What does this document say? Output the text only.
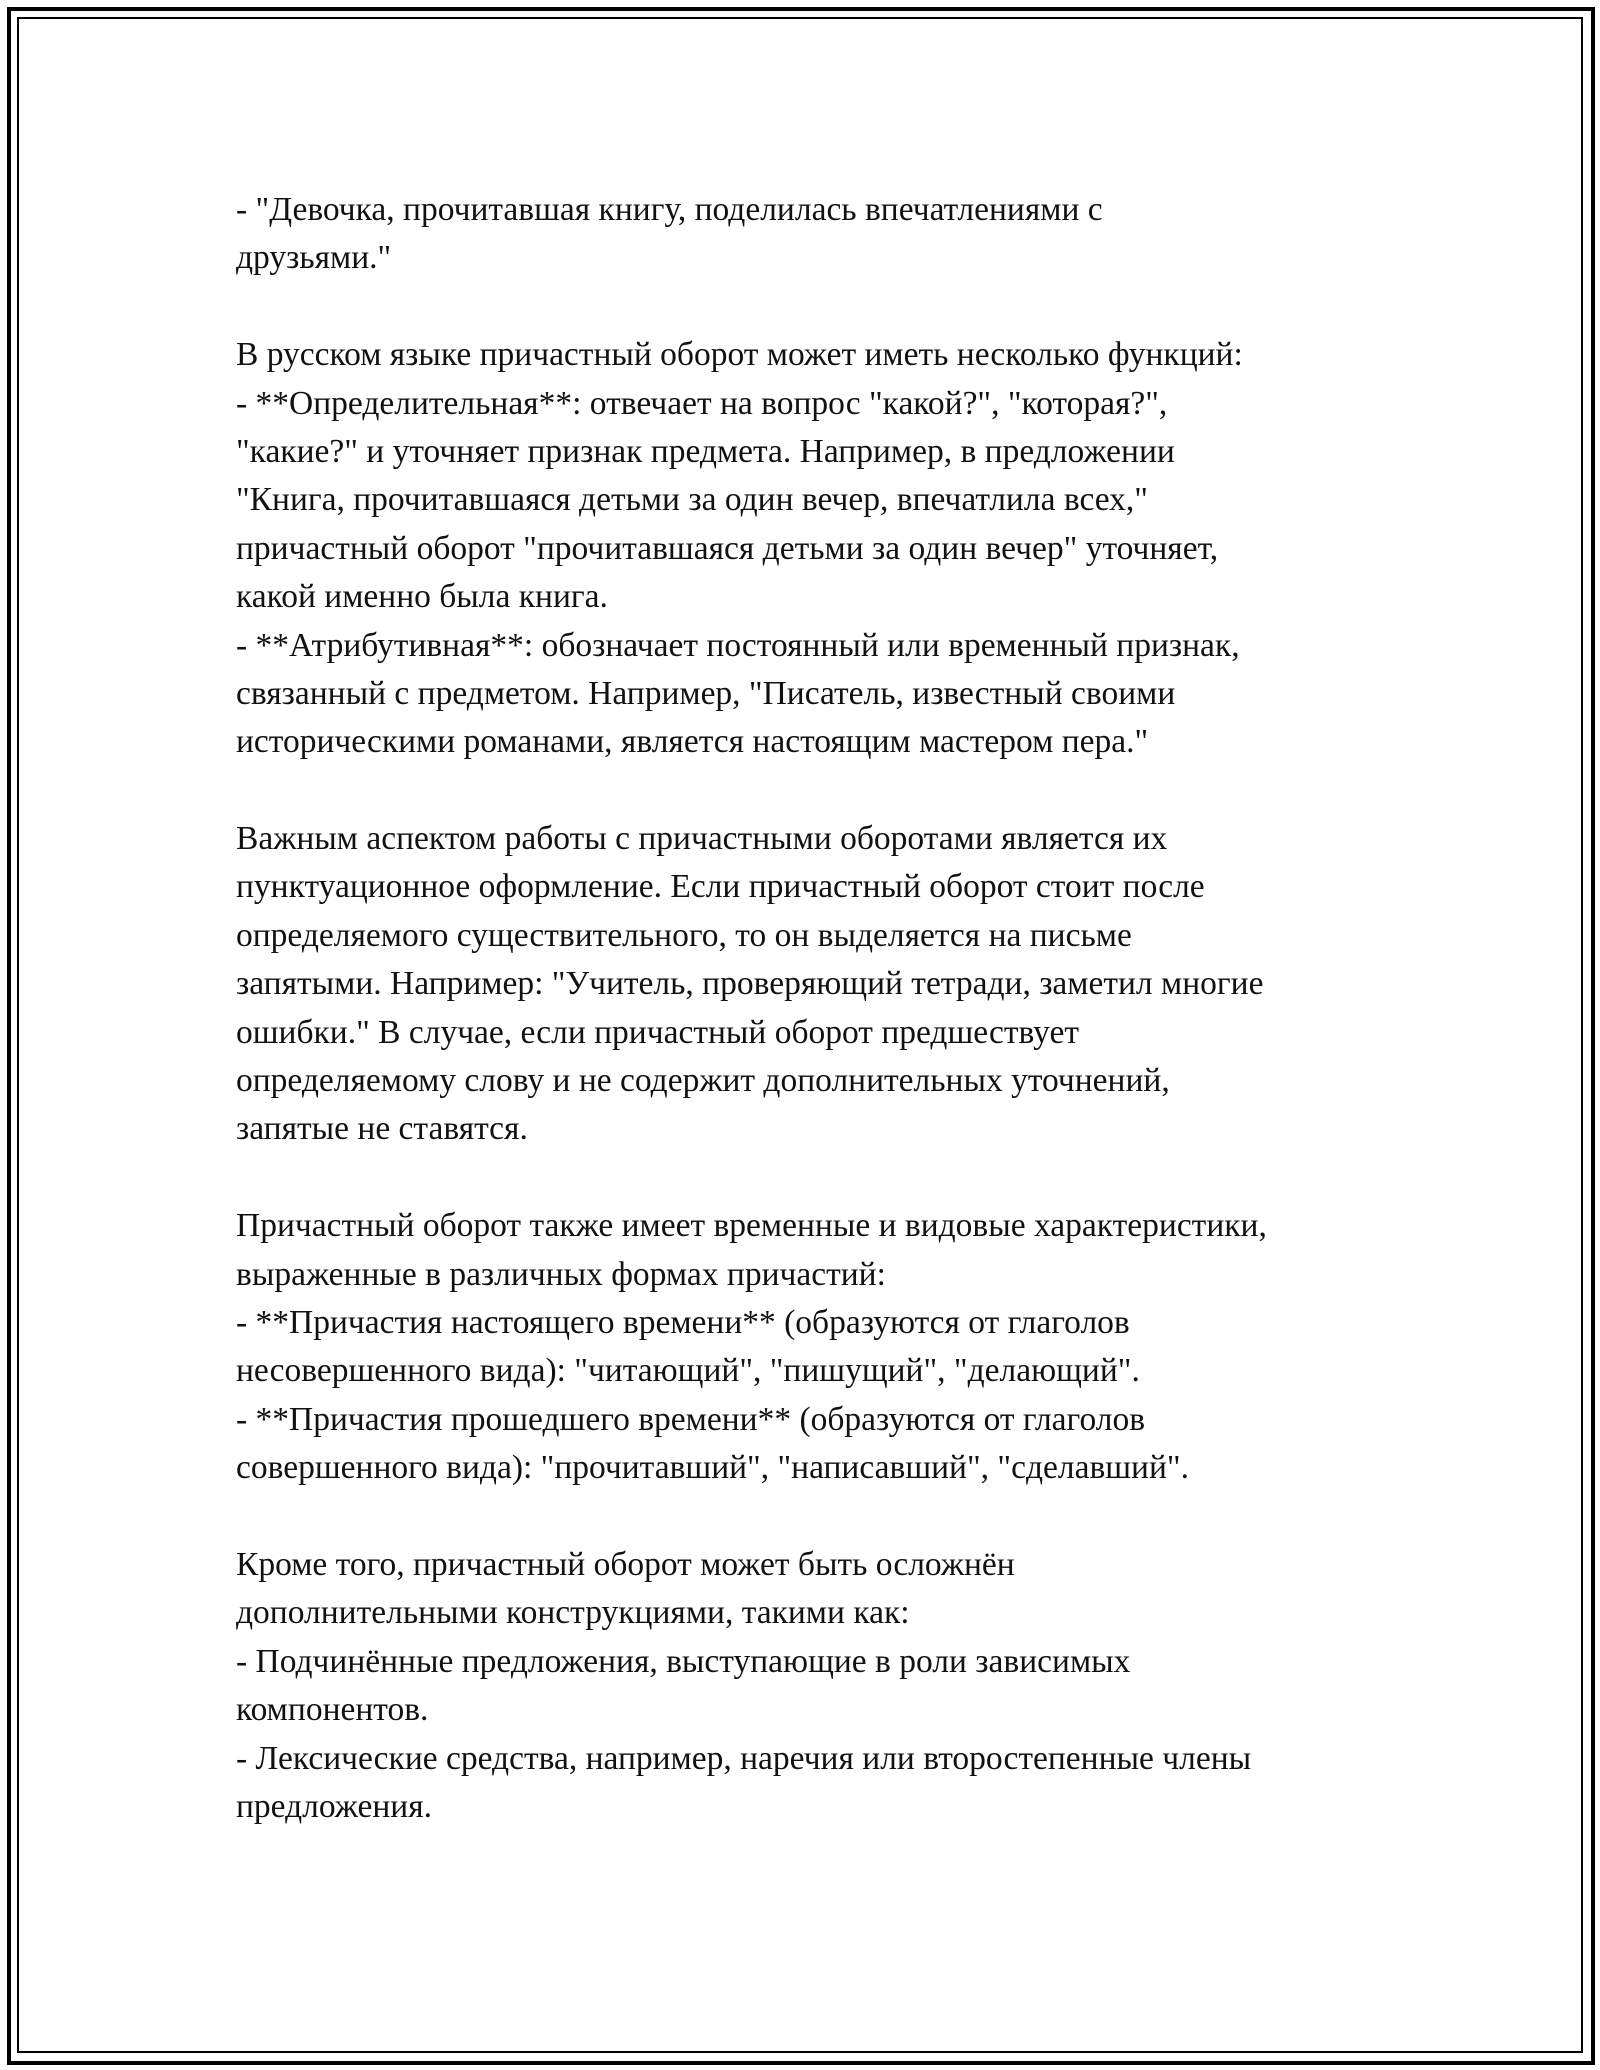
- "Девочка, прочитавшая книгу, поделилась впечатлениями с
друзьями."
В русском языке причастный оборот может иметь несколько функций:
- **Определительная**: отвечает на вопрос "какой?", "которая?",
"какие?" и уточняет признак предмета. Например, в предложении
"Книга, прочитавшаяся детьми за один вечер, впечатлила всех,"
причастный оборот "прочитавшаяся детьми за один вечер" уточняет,
какой именно была книга.
- **Атрибутивная**: обозначает постоянный или временный признак,
связанный с предметом. Например, "Писатель, известный своими
историческими романами, является настоящим мастером пера."
Важным аспектом работы с причастными оборотами является их
пунктуационное оформление. Если причастный оборот стоит после
определяемого существительного, то он выделяется на письме
запятыми. Например: "Учитель, проверяющий тетради, заметил многие
ошибки." В случае, если причастный оборот предшествует
определяемому слову и не содержит дополнительных уточнений,
запятые не ставятся.
Причастный оборот также имеет временные и видовые характеристики,
выраженные в различных формах причастий:
- **Причастия настоящего времени** (образуются от глаголов
несовершенного вида): "читающий", "пишущий", "делающий".
- **Причастия прошедшего времени** (образуются от глаголов
совершенного вида): "прочитавший", "написавший", "сделавший".
Кроме того, причастный оборот может быть осложнён
дополнительными конструкциями, такими как:
- Подчинённые предложения, выступающие в роли зависимых
компонентов.
- Лексические средства, например, наречия или второстепенные члены
предложения.
